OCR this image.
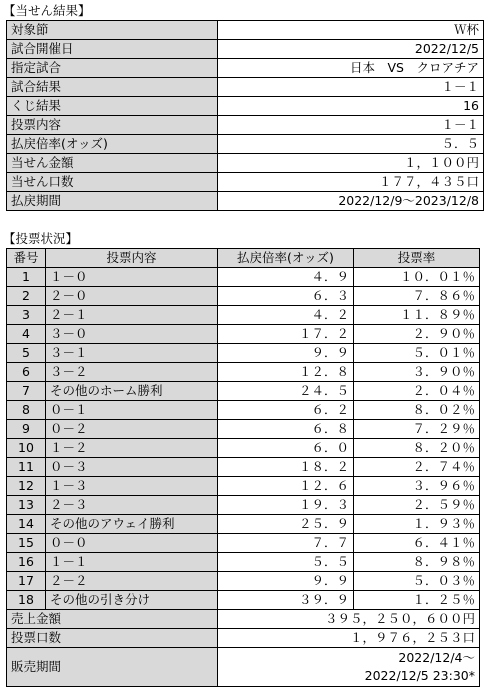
【当せん結果】
対象節	Ｗ杯
試合開催日	2022/12/5
指定試合	日本　VS　クロアチア
試合結果	１－１
くじ結果	16
投票内容	１－１
払戻倍率(オッズ)	５．５
当せん金額	１，１００円
当せん口数	１７７，４３５口
払戻期間	2022/12/9～2023/12/8
【投票状況】
番号	投票内容	払戻倍率(オッズ)	投票率
1	１－０	４．９	１０．０１％
2	２－０	６．３	７．８６％
3	２－１	４．２	１１．８９％
4	３－０	１７．２	２．９０％
5	３－１	９．９	５．０１％
6	３－２	１２．８	３．９０％
7	その他のホーム勝利	２４．５	２．０４％
8	０－１	６．２	８．０２％
9	０－２	６．８	７．２９％
10	１－２	６．０	８．２０％
11	０－３	１８．２	２．７４％
12	１－３	１２．６	３．９６％
13	２－３	１９．３	２．５９％
14	その他のアウェイ勝利	２５．９	１．９３％
15	０－０	７．７	６．４１％
16	１－１	５．５	８．９８％
17	２－２	９．９	５．０３％
18	その他の引き分け	３９．９	１．２５％
売上金額		３９５，２５０，６００円	
投票口数		１，９７６，２５３口	
販売期間		2022/12/4～
2022/12/5 23:30*	
